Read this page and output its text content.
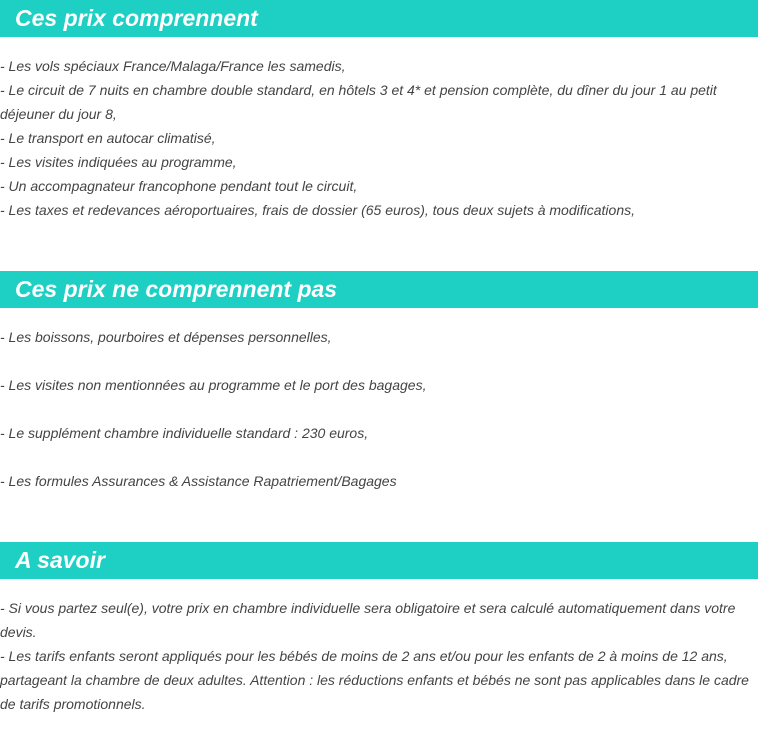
Ces prix comprennent

- Les vols spéciaux France/Malaga/France les samedis,

- Le circuit de 7 nuits en chambre double standard, en hôtels 3 et 4* et pension complète, du dîner du jour 1 au petit déjeuner du jour 8,

- Le transport en autocar climatisé,

- Les visites indiquées au programme,

- Un accompagnateur francophone pendant tout le circuit,

- Les taxes et redevances aéroportuaires, frais de dossier (65 euros), tous deux sujets à modifications,

Ces prix ne comprennent pas

- Les boissons, pourboires et dépenses personnelles,

- Les visites non mentionnées au programme et le port des bagages,

- Le supplément chambre individuelle standard : 230 euros,

- Les formules Assurances & Assistance Rapatriement/Bagages

A savoir

- Si vous partez seul(e), votre prix en chambre individuelle sera obligatoire et sera calculé automatiquement dans votre devis.

- Les tarifs enfants seront appliqués pour les bébés de moins de 2 ans et/ou pour les enfants de 2 à moins de 12 ans, partageant la chambre de deux adultes. Attention : les réductions enfants et bébés ne sont pas applicables dans le cadre de tarifs promotionnels.
